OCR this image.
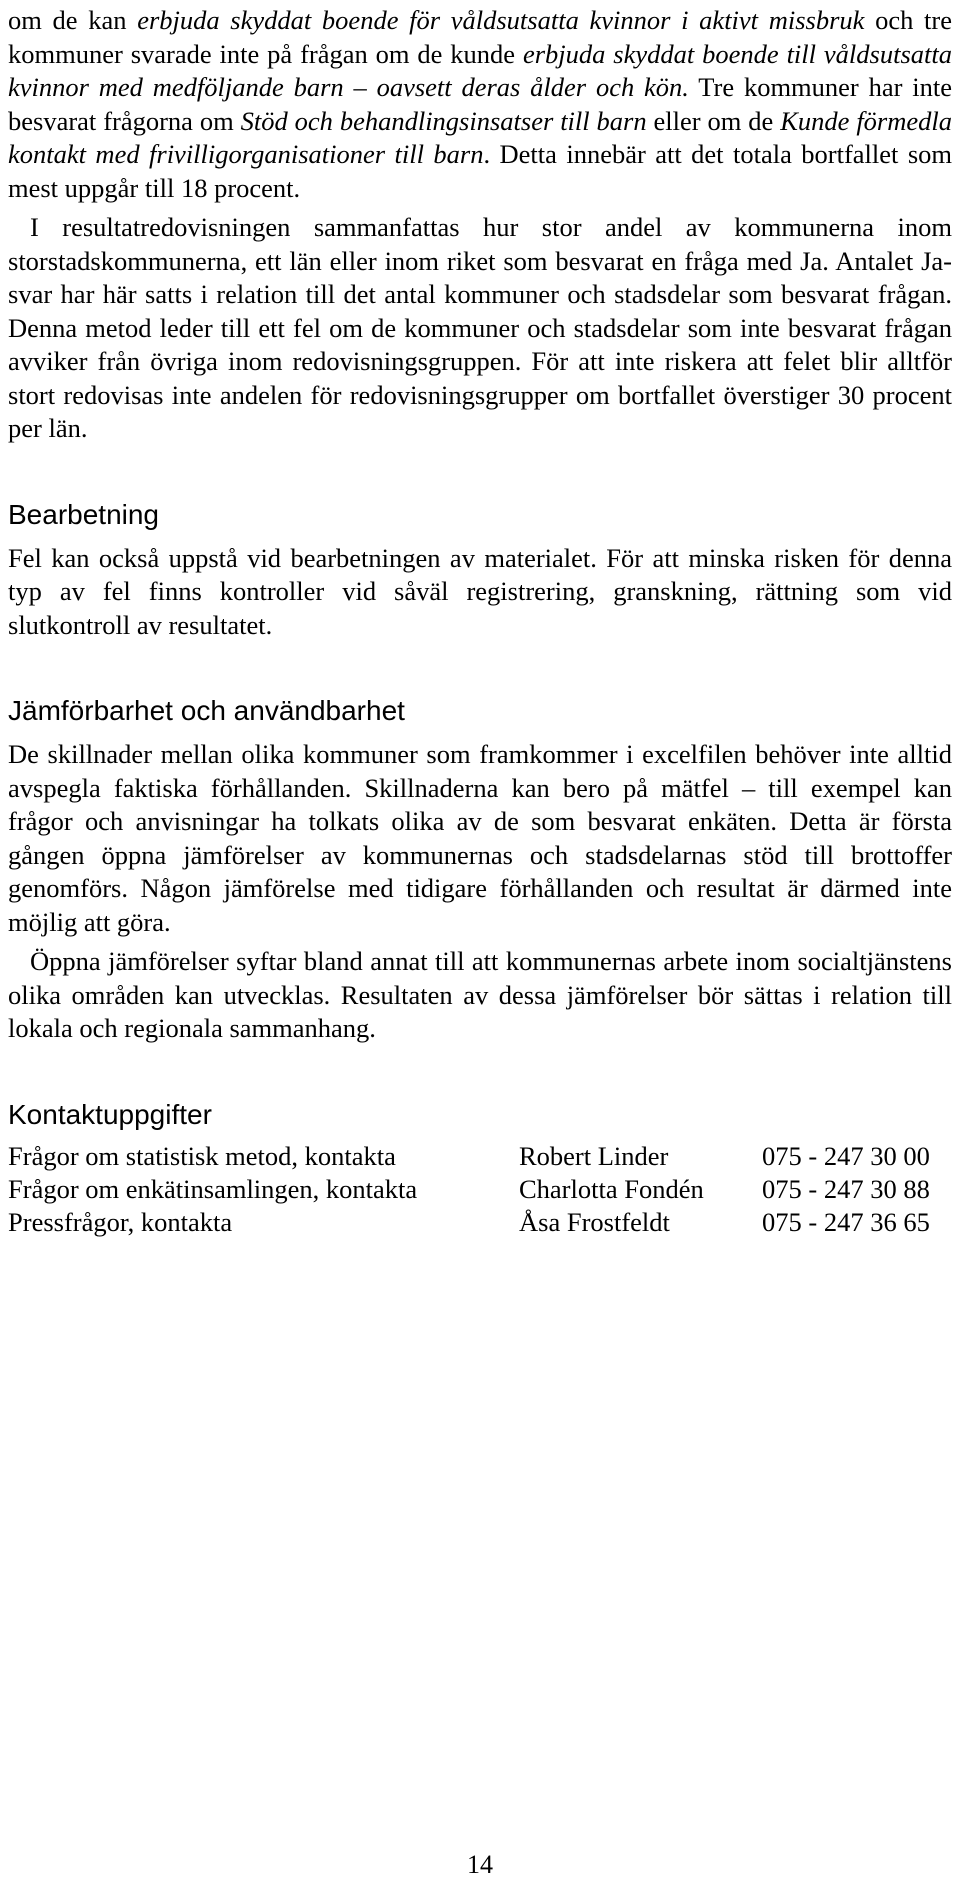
om de kan erbjuda skyddat boende för våldsutsatta kvinnor i aktivt missbruk och tre kommuner svarade inte på frågan om de kunde erbjuda skyddat boende till våldsutsatta kvinnor med medföljande barn – oavsett deras ålder och kön. Tre kommuner har inte besvarat frågorna om Stöd och behandlingsinsatser till barn eller om de Kunde förmedla kontakt med frivilligorganisationer till barn. Detta innebär att det totala bortfallet som mest uppgår till 18 procent.

I resultatredovisningen sammanfattas hur stor andel av kommunerna inom storstadskommunerna, ett län eller inom riket som besvarat en fråga med Ja. Antalet Ja-svar har här satts i relation till det antal kommuner och stadsdelar som besvarat frågan. Denna metod leder till ett fel om de kommuner och stadsdelar som inte besvarat frågan avviker från övriga inom redovisningsgruppen. För att inte riskera att felet blir alltför stort redovisas inte andelen för redovisningsgrupper om bortfallet överstiger 30 procent per län.

Bearbetning

Fel kan också uppstå vid bearbetningen av materialet. För att minska risken för denna typ av fel finns kontroller vid såväl registrering, granskning, rättning som vid slutkontroll av resultatet.

Jämförbarhet och användbarhet

De skillnader mellan olika kommuner som framkommer i excelfilen behöver inte alltid avspegla faktiska förhållanden. Skillnaderna kan bero på mätfel – till exempel kan frågor och anvisningar ha tolkats olika av de som besvarat enkäten. Detta är första gången öppna jämförelser av kommunernas och stadsdelarnas stöd till brottoffer genomförs. Någon jämförelse med tidigare förhållanden och resultat är därmed inte möjlig att göra.

Öppna jämförelser syftar bland annat till att kommunernas arbete inom socialtjänstens olika områden kan utvecklas. Resultaten av dessa jämförelser bör sättas i relation till lokala och regionala sammanhang.

Kontaktuppgifter
Frågor om statistisk metod, kontakta	Robert Linder	075 - 247 30 00
Frågor om enkätinsamlingen, kontakta	Charlotta Fondén	075 - 247 30 88
Pressfrågor, kontakta	Åsa Frostfeldt	075 - 247 36 65
14
